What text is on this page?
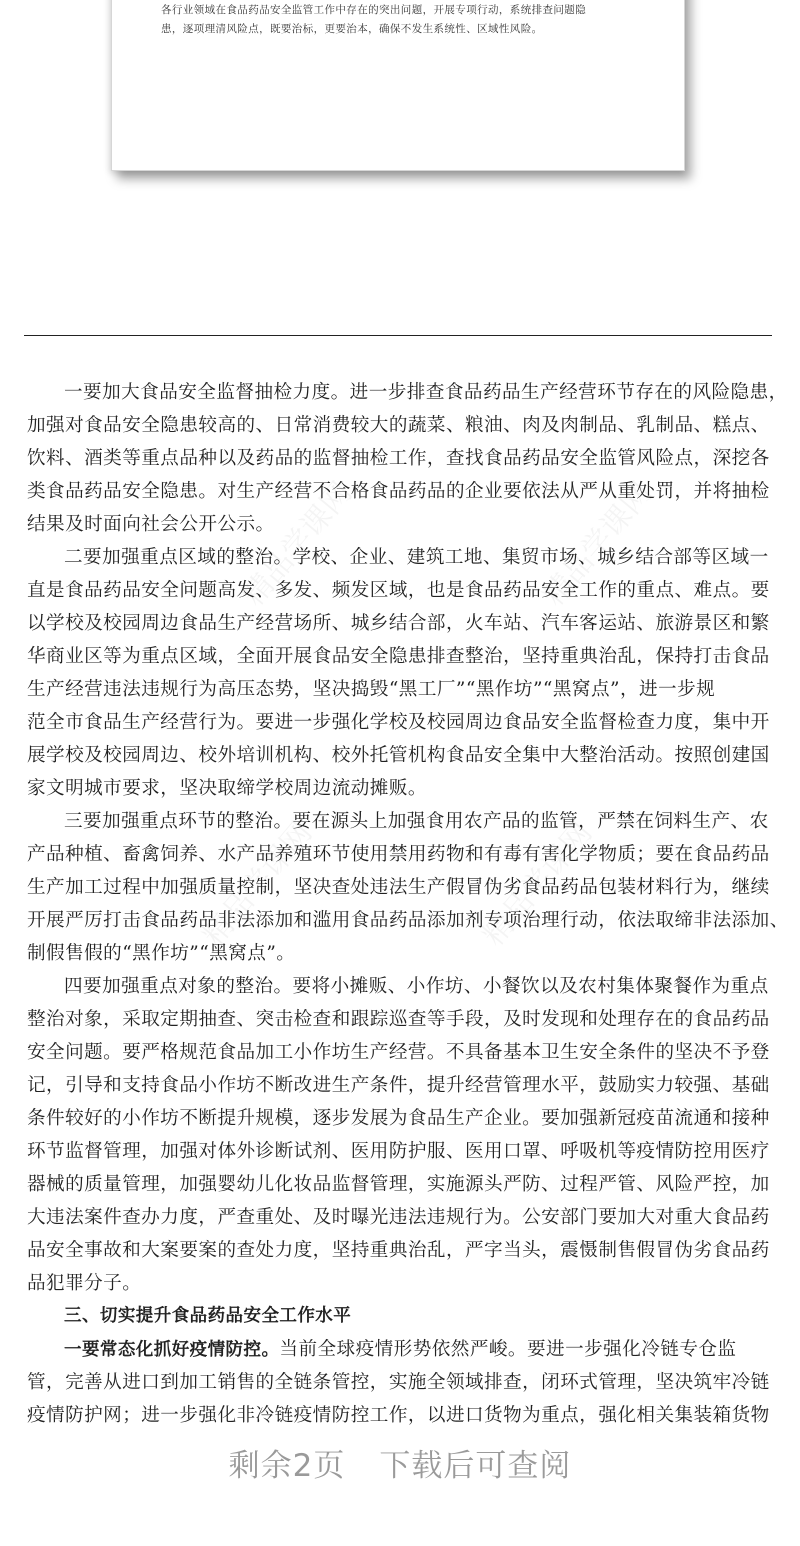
各行业领域在食品药品安全监管工作中存在的突出问题，开展专项行动，系统排查问题隐
患，逐项理清风险点，既要治标，更要治本，确保不发生系统性、区域性风险。
一要加大食品安全监督抽检力度。进一步排查食品药品生产经营环节存在的风险隐患，
加强对食品安全隐患较高的、日常消费较大的蔬菜、粮油、肉及肉制品、乳制品、糕点、
饮料、酒类等重点品种以及药品的监督抽检工作，查找食品药品安全监管风险点，深挖各
类食品药品安全隐患。对生产经营不合格食品药品的企业要依法从严从重处罚，并将抽检
结果及时面向社会公开公示。
二要加强重点区域的整治。学校、企业、建筑工地、集贸市场、城乡结合部等区域一
直是食品药品安全问题高发、多发、频发区域，也是食品药品安全工作的重点、难点。要
以学校及校园周边食品生产经营场所、城乡结合部，火车站、汽车客运站、旅游景区和繁
华商业区等为重点区域，全面开展食品安全隐患排查整治，坚持重典治乱，保持打击食品
生产经营违法违规行为高压态势，坚决捣毁“黑工厂”“黑作坊”“黑窝点”，进一步规
范全市食品生产经营行为。要进一步强化学校及校园周边食品安全监督检查力度，集中开
展学校及校园周边、校外培训机构、校外托管机构食品安全集中大整治活动。按照创建国
家文明城市要求，坚决取缔学校周边流动摊贩。
三要加强重点环节的整治。要在源头上加强食用农产品的监管，严禁在饲料生产、农
产品种植、畜禽饲养、水产品养殖环节使用禁用药物和有毒有害化学物质；要在食品药品
生产加工过程中加强质量控制，坚决查处违法生产假冒伪劣食品药品包装材料行为，继续
开展严厉打击食品药品非法添加和滥用食品药品添加剂专项治理行动，依法取缔非法添加、
制假售假的“黑作坊”“黑窝点”。
四要加强重点对象的整治。要将小摊贩、小作坊、小餐饮以及农村集体聚餐作为重点
整治对象，采取定期抽查、突击检查和跟踪巡查等手段，及时发现和处理存在的食品药品
安全问题。要严格规范食品加工小作坊生产经营。不具备基本卫生安全条件的坚决不予登
记，引导和支持食品小作坊不断改进生产条件，提升经营管理水平，鼓励实力较强、基础
条件较好的小作坊不断提升规模，逐步发展为食品生产企业。要加强新冠疫苗流通和接种
环节监督管理，加强对体外诊断试剂、医用防护服、医用口罩、呼吸机等疫情防控用医疗
器械的质量管理，加强婴幼儿化妆品监督管理，实施源头严防、过程严管、风险严控，加
大违法案件查办力度，严查重处、及时曝光违法违规行为。公安部门要加大对重大食品药
品安全事故和大案要案的查处力度，坚持重典治乱，严字当头，震慑制售假冒伪劣食品药
品犯罪分子。
三、切实提升食品药品安全工作水平
一要常态化抓好疫情防控。当前全球疫情形势依然严峻。要进一步强化冷链专仓监
管，完善从进口到加工销售的全链条管控，实施全领域排查，闭环式管理，坚决筑牢冷链
疫情防护网；进一步强化非冷链疫情防控工作，以进口货物为重点，强化相关集装箱货物
剩余2页 下载后可查阅
